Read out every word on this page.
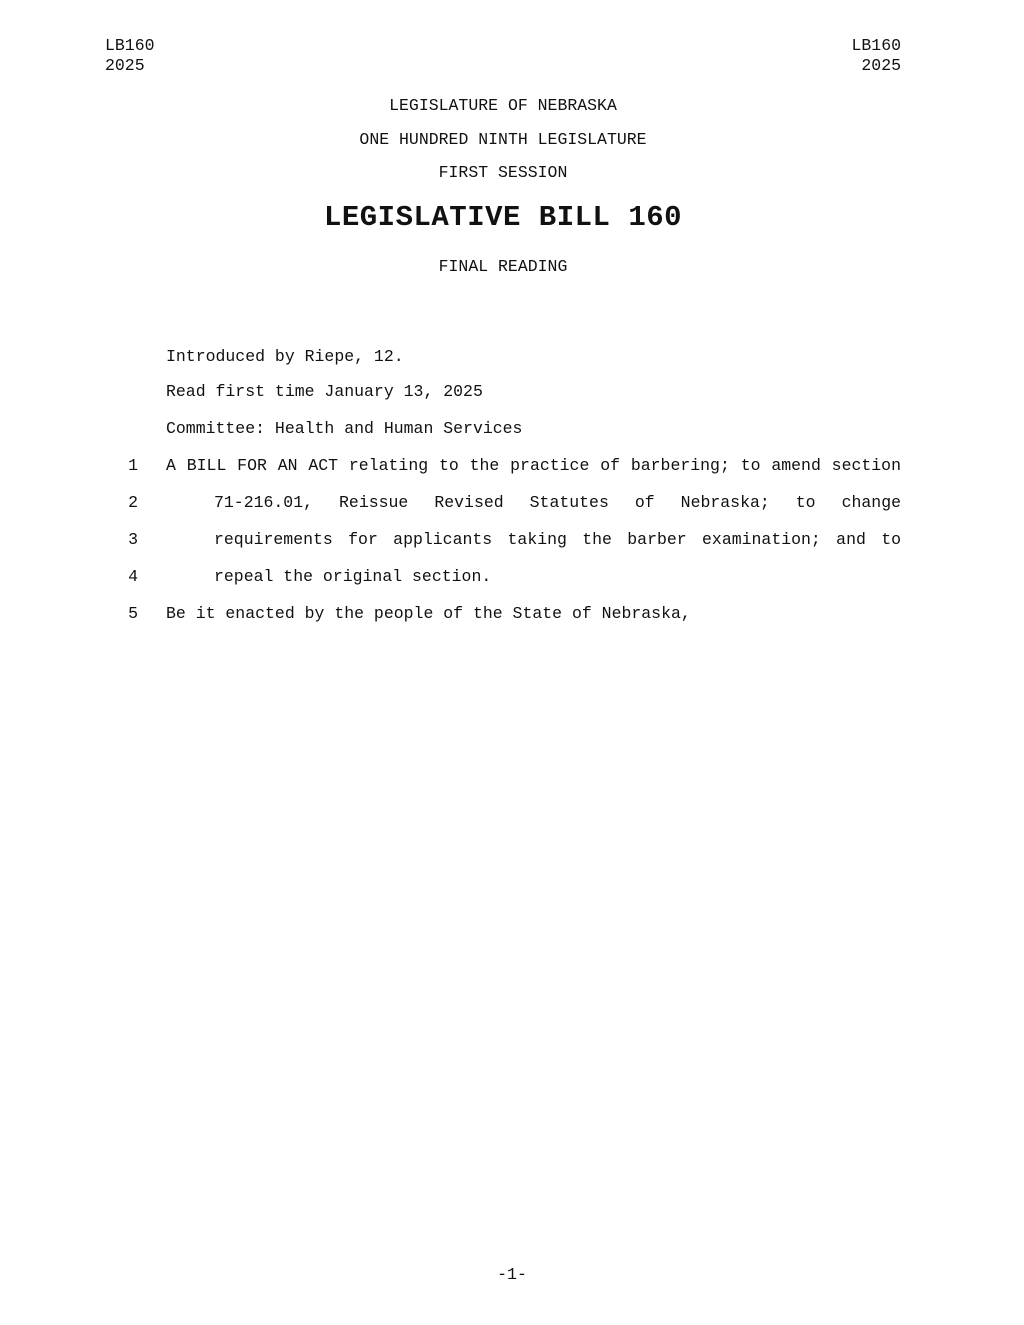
LB160
2025
LB160
2025
LEGISLATURE OF NEBRASKA
ONE HUNDRED NINTH LEGISLATURE
FIRST SESSION
LEGISLATIVE BILL 160
FINAL READING
Introduced by Riepe, 12.
Read first time January 13, 2025
Committee: Health and Human Services
1 A BILL FOR AN ACT relating to the practice of barbering; to amend section
2	71-216.01, Reissue Revised Statutes of Nebraska; to change
3	requirements for applicants taking the barber examination; and to
4	repeal the original section.
5 Be it enacted by the people of the State of Nebraska,
-1-
